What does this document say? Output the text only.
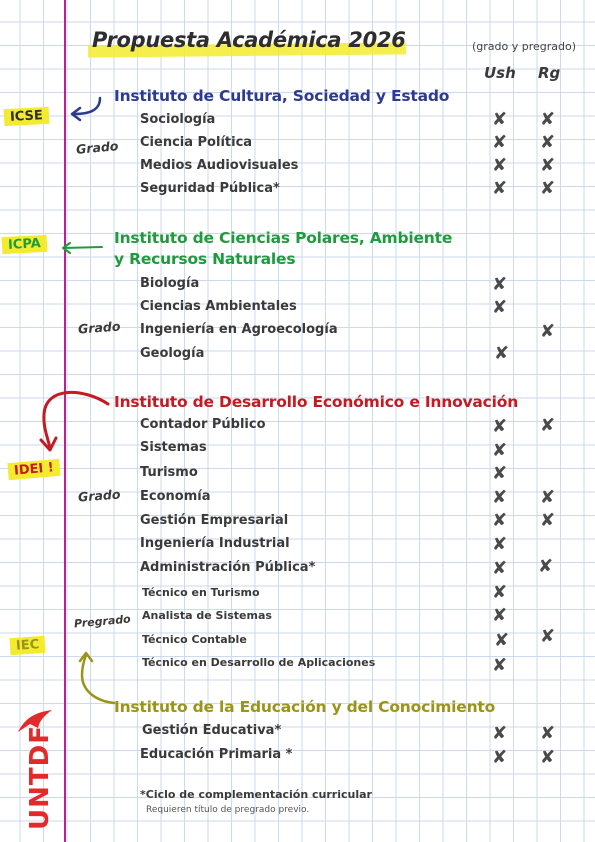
Propuesta Académica 2026	(grado y pregrado)
Ush Rg
ICSE
ICPA
IDEI !
IEC
Instituto de Cultura, Sociedad y Estado
Grado
Sociología
Ciencia Política
Medios Audiovisuales
Seguridad Pública*
✘ ✘
✘ ✘
✘ ✘
✘ ✘
Instituto de Ciencias Polares, Ambiente
y Recursos Naturales
Grado
Biología
Ciencias Ambientales
Ingeniería en Agroecología
Geología
✘
✘
✘
✘
Instituto de Desarrollo Económico e Innovación
Grado
Pregrado
Contador Público
Sistemas
Turismo
Economía
Gestión Empresarial
Ingeniería Industrial
Administración Pública*
Técnico en Turismo
Analista de Sistemas
Técnico Contable
Técnico en Desarrollo de Aplicaciones
✘ ✘
✘
✘
✘ ✘
✘ ✘
✘
✘ ✘
✘
✘
✘ ✘
✘
Instituto de la Educación y del Conocimiento
Gestión Educativa*
Educación Primaria *
✘ ✘
✘ ✘
*Ciclo de complementación curricular
Requieren título de pregrado previo.
UNTDF
